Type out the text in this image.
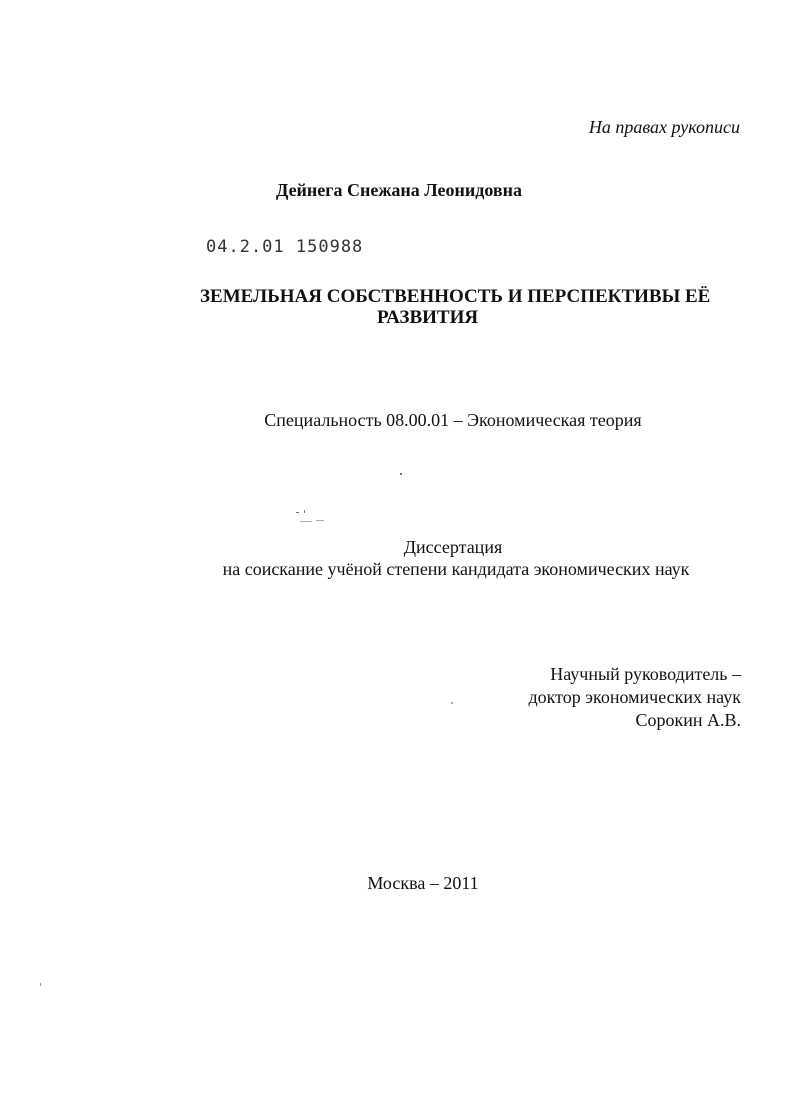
На правах рукописи
Дейнега Снежана Леонидовна
04.2.01 150988
ЗЕМЕЛЬНАЯ СОБСТВЕННОСТЬ И ПЕРСПЕКТИВЫ ЕЁ
РАЗВИТИЯ
Специальность 08.00.01 – Экономическая теория
Диссертация
на соискание учёной степени кандидата экономических наук
Научный руководитель –
доктор экономических наук
Сорокин А.В.
Москва – 2011
